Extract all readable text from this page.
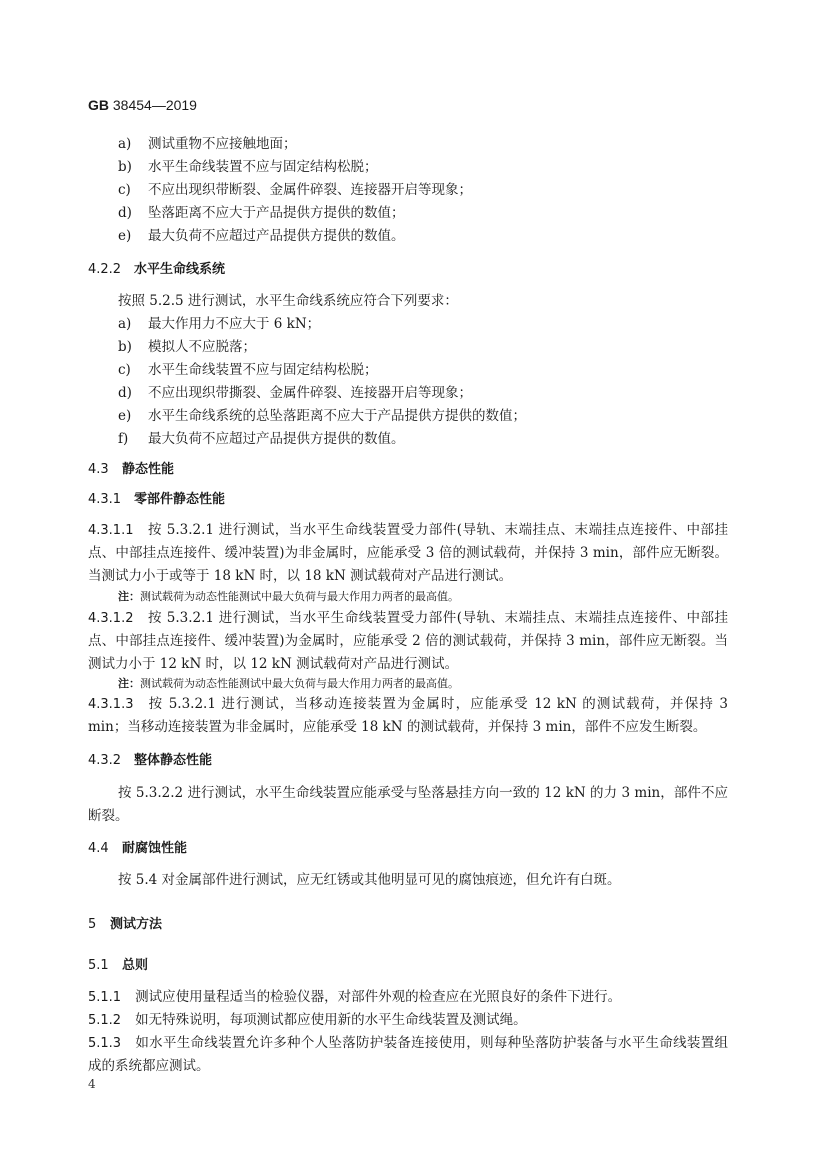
GB 38454—2019
a) 测试重物不应接触地面；
b) 水平生命线装置不应与固定结构松脱；
c) 不应出现织带断裂、金属件碎裂、连接器开启等现象；
d) 坠落距离不应大于产品提供方提供的数值；
e) 最大负荷不应超过产品提供方提供的数值。
4.2.2 水平生命线系统
按照 5.2.5 进行测试，水平生命线系统应符合下列要求：
a) 最大作用力不应大于 6 kN；
b) 模拟人不应脱落；
c) 水平生命线装置不应与固定结构松脱；
d) 不应出现织带撕裂、金属件碎裂、连接器开启等现象；
e) 水平生命线系统的总坠落距离不应大于产品提供方提供的数值；
f) 最大负荷不应超过产品提供方提供的数值。
4.3 静态性能
4.3.1 零部件静态性能
4.3.1.1 按 5.3.2.1 进行测试，当水平生命线装置受力部件(导轨、末端挂点、末端挂点连接件、中部挂点、中部挂点连接件、缓冲装置)为非金属时，应能承受 3 倍的测试载荷，并保持 3 min，部件应无断裂。当测试力小于或等于 18 kN 时，以 18 kN 测试载荷对产品进行测试。
注：测试载荷为动态性能测试中最大负荷与最大作用力两者的最高值。
4.3.1.2 按 5.3.2.1 进行测试，当水平生命线装置受力部件(导轨、末端挂点、末端挂点连接件、中部挂点、中部挂点连接件、缓冲装置)为金属时，应能承受 2 倍的测试载荷，并保持 3 min，部件应无断裂。当测试力小于 12 kN 时，以 12 kN 测试载荷对产品进行测试。
注：测试载荷为动态性能测试中最大负荷与最大作用力两者的最高值。
4.3.1.3 按 5.3.2.1 进行测试，当移动连接装置为金属时，应能承受 12 kN 的测试载荷，并保持 3 min；当移动连接装置为非金属时，应能承受 18 kN 的测试载荷，并保持 3 min，部件不应发生断裂。
4.3.2 整体静态性能
按 5.3.2.2 进行测试，水平生命线装置应能承受与坠落悬挂方向一致的 12 kN 的力 3 min，部件不应断裂。
4.4 耐腐蚀性能
按 5.4 对金属部件进行测试，应无红锈或其他明显可见的腐蚀痕迹，但允许有白斑。
5 测试方法
5.1 总则
5.1.1 测试应使用量程适当的检验仪器，对部件外观的检查应在光照良好的条件下进行。
5.1.2 如无特殊说明，每项测试都应使用新的水平生命线装置及测试绳。
5.1.3 如水平生命线装置允许多种个人坠落防护装备连接使用，则每种坠落防护装备与水平生命线装置组成的系统都应测试。
4
